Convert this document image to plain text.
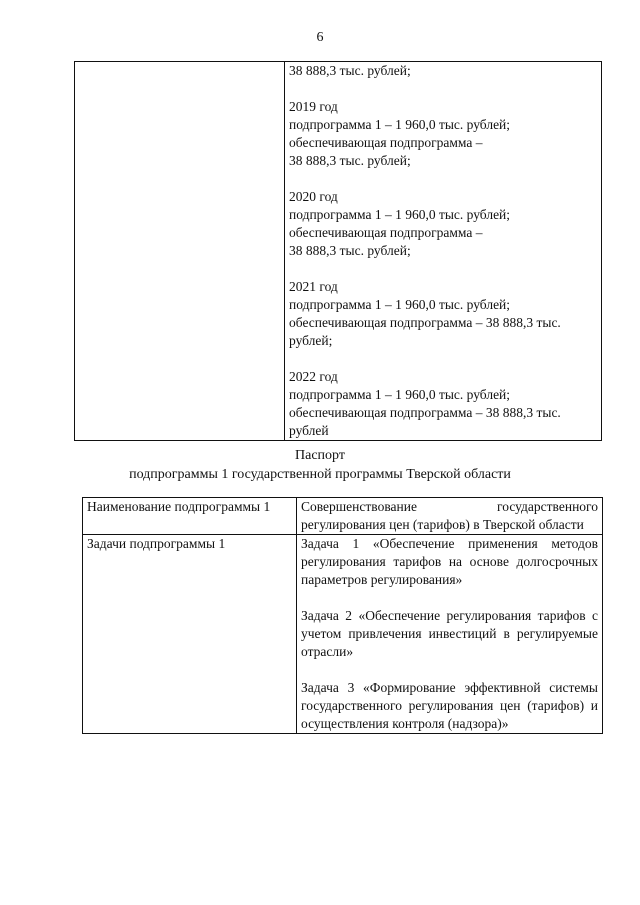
6

38 888,3 тыс. рублей;
2019 год
подпрограмма 1 – 1 960,0 тыс. рублей;
обеспечивающая подпрограмма –
38 888,3 тыс. рублей;
2020 год
подпрограмма 1 – 1 960,0 тыс. рублей;
обеспечивающая подпрограмма –
38 888,3 тыс. рублей;
2021 год
подпрограмма 1 – 1 960,0 тыс. рублей;
обеспечивающая подпрограмма – 38 888,3 тыс.
рублей;
2022 год
подпрограмма 1 – 1 960,0 тыс. рублей;
обеспечивающая подпрограмма – 38 888,3 тыс.
рублей
Паспорт
подпрограммы 1 государственной программы Тверской области
Наименование подпрограммы 1	Совершенствование государственного регулирования цен (тарифов) в Тверской области
Задачи подпрограммы 1	Задача 1 «Обеспечение применения методов регулирования тарифов на основе долгосрочных параметров регулирования»
Задача 2 «Обеспечение регулирования тарифов с учетом привлечения инвестиций в регулируемые отрасли»
Задача 3 «Формирование эффективной системы государственного регулирования цен (тарифов) и осуществления контроля (надзора)»
